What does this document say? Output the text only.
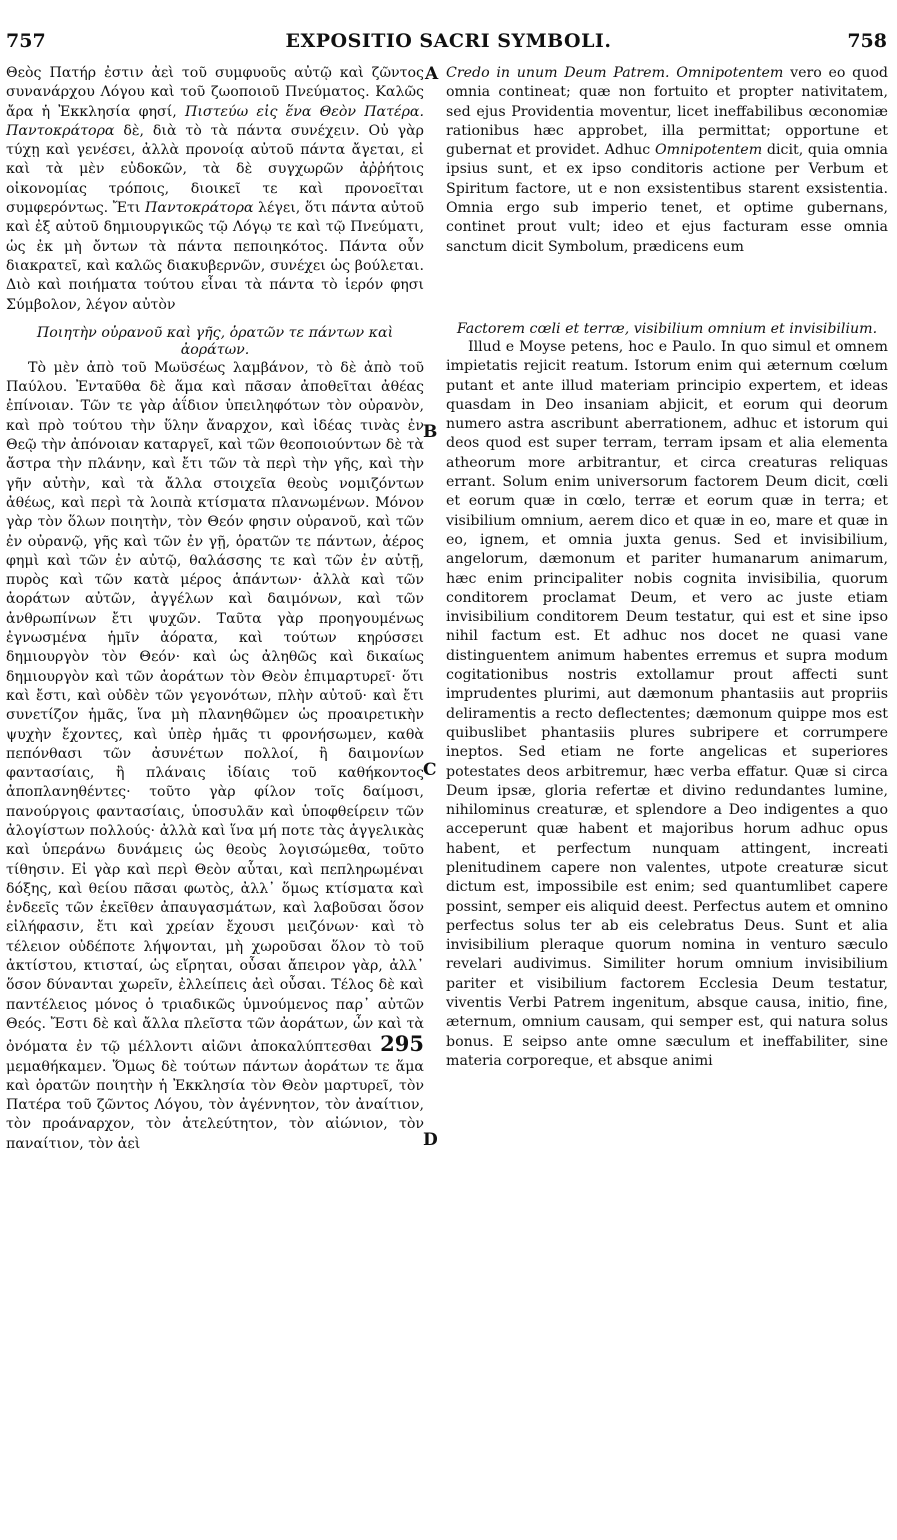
757	EXPOSITIO SACRI SYMBOLI.	758
A
B
C
D

Θεὸς Πατήρ ἐστιν ἀεὶ τοῦ συμφυοῦς αὐτῷ καὶ ζῶντος συνανάρχου Λόγου καὶ τοῦ ζωοποιοῦ Πνεύματος. Καλῶς ἄρα ἡ Ἐκκλησία φησί, Πιστεύω εἰς ἕνα Θεὸν Πατέρα. Παντοκράτορα δὲ, διὰ τὸ τὰ πάντα συνέχειν. Οὐ γὰρ τύχῃ καὶ γενέσει, ἀλλὰ προνοίᾳ αὐτοῦ πάντα ἄγεται, εἰ καὶ τὰ μὲν εὐδοκῶν, τὰ δὲ συγχωρῶν ἀῤῥήτοις οἰκονομίας τρόποις, διοικεῖ τε καὶ προνοεῖται συμφερόντως. Ἔτι Παντοκράτορα λέγει, ὅτι πάντα αὐτοῦ καὶ ἐξ αὐτοῦ δημιουργικῶς τῷ Λόγῳ τε καὶ τῷ Πνεύματι, ὡς ἐκ μὴ ὄντων τὰ πάντα πεποιηκότος. Πάντα οὖν διακρατεῖ, καὶ καλῶς διακυβερνῶν, συνέχει ὡς βούλεται. Διὸ καὶ ποιήματα τούτου εἶναι τὰ πάντα τὸ ἱερόν φησι Σύμβολον, λέγον αὐτὸν

Ποιητὴν οὐρανοῦ καὶ γῆς, ὁρατῶν τε πάντων καὶ ἀοράτων.

Τὸ μὲν ἀπὸ τοῦ Μωϋσέως λαμβάνον, τὸ δὲ ἀπὸ τοῦ Παύλου. Ἐνταῦθα δὲ ἅμα καὶ πᾶσαν ἀποθεῖται ἀθέας ἐπίνοιαν. Τῶν τε γὰρ ἀΐδιον ὑπειληφότων τὸν οὐρανὸν, καὶ πρὸ τούτου τὴν ὕλην ἄναρχον, καὶ ἰδέας τινὰς ἐν Θεῷ τὴν ἀπόνοιαν καταργεῖ, καὶ τῶν θεοποιούντων δὲ τὰ ἄστρα τὴν πλάνην, καὶ ἔτι τῶν τὰ περὶ τὴν γῆς, καὶ τὴν γῆν αὐτὴν, καὶ τὰ ἄλλα στοιχεῖα θεοὺς νομιζόντων ἀθέως, καὶ περὶ τὰ λοιπὰ κτίσματα πλανωμένων. Μόνον γὰρ τὸν ὅλων ποιητὴν, τὸν Θεόν φησιν οὐρανοῦ, καὶ τῶν ἐν οὐρανῷ, γῆς καὶ τῶν ἐν γῇ, ὁρατῶν τε πάντων, ἀέρος φημὶ καὶ τῶν ἐν αὐτῷ, θαλάσσης τε καὶ τῶν ἐν αὐτῇ, πυρὸς καὶ τῶν κατὰ μέρος ἁπάντων· ἀλλὰ καὶ τῶν ἀοράτων αὐτῶν, ἀγγέλων καὶ δαιμόνων, καὶ τῶν ἀνθρωπίνων ἔτι ψυχῶν. Ταῦτα γὰρ προηγουμένως ἐγνωσμένα ἡμῖν ἀόρατα, καὶ τούτων κηρύσσει δημιουργὸν τὸν Θεόν· καὶ ὡς ἀληθῶς καὶ δικαίως δημιουργὸν καὶ τῶν ἀοράτων τὸν Θεὸν ἐπιμαρτυρεῖ· ὅτι καὶ ἔστι, καὶ οὐδὲν τῶν γεγονότων, πλὴν αὐτοῦ· καὶ ἔτι συνετίζον ἡμᾶς, ἵνα μὴ πλανηθῶμεν ὡς προαιρετικὴν ψυχὴν ἔχοντες, καὶ ὑπὲρ ἡμᾶς τι φρονήσωμεν, καθὰ πεπόνθασι τῶν ἀσυνέτων πολλοί, ἢ δαιμονίων φαντασίαις, ἢ πλάναις ἰδίαις τοῦ καθήκοντος ἀποπλανηθέντες· τοῦτο γὰρ φίλον τοῖς δαίμοσι, πανούργοις φαντασίαις, ὑποσυλᾶν καὶ ὑποφθείρειν τῶν ἀλογίστων πολλούς· ἀλλὰ καὶ ἵνα μή ποτε τὰς ἀγγελικὰς καὶ ὑπεράνω δυνάμεις ὡς θεοὺς λογισώμεθα, τοῦτο τίθησιν. Εἰ γὰρ καὶ περὶ Θεὸν αὗται, καὶ πεπληρωμέναι δόξης, καὶ θείου πᾶσαι φωτὸς, ἀλλ᾽ ὅμως κτίσματα καὶ ἐνδεεῖς τῶν ἐκεῖθεν ἀπαυγασμάτων, καὶ λαβοῦσαι ὅσον εἰλήφασιν, ἔτι καὶ χρείαν ἔχουσι μειζόνων· καὶ τὸ τέλειον οὐδέποτε λήψονται, μὴ χωροῦσαι ὅλον τὸ τοῦ ἀκτίστου, κτισταί, ὡς εἴρηται, οὖσαι ἄπειρον γὰρ, ἀλλ᾽ ὅσον δύνανται χωρεῖν, ἐλλείπεις ἀεὶ οὖσαι. Τέλος δὲ καὶ παντέλειος μόνος ὁ τριαδικῶς ὑμνούμενος παρ᾽ αὐτῶν Θεός. Ἔστι δὲ καὶ ἄλλα πλεῖστα τῶν ἀοράτων, ὧν καὶ τὰ ὀνόματα ἐν τῷ μέλλοντι αἰῶνι ἀποκαλύπτεσθαι 295 μεμαθήκαμεν. Ὅμως δὲ τούτων πάντων ἀοράτων τε ἅμα καὶ ὁρατῶν ποιητὴν ἡ Ἐκκλησία τὸν Θεὸν μαρτυρεῖ, τὸν Πατέρα τοῦ ζῶντος Λόγου, τὸν ἀγέννητον, τὸν ἀναίτιον, τὸν προάναρχον, τὸν ἀτελεύτητον, τὸν αἰώνιον, τὸν παναίτιον, τὸν ἀεὶ

Credo in unum Deum Patrem. Omnipotentem vero eo quod omnia contineat; quæ non fortuito et propter nativitatem, sed ejus Providentia moventur, licet ineffabilibus œconomiæ rationibus hæc approbet, illa permittat; opportune et gubernat et providet. Adhuc Omnipotentem dicit, quia omnia ipsius sunt, et ex ipso conditoris actione per Verbum et Spiritum factore, ut e non exsistentibus starent exsistentia. Omnia ergo sub imperio tenet, et optime gubernans, continet prout vult; ideo et ejus facturam esse omnia sanctum dicit Symbolum, prædicens eum

Factorem cœli et terræ, visibilium omnium et invisibilium.

Illud e Moyse petens, hoc e Paulo. In quo simul et omnem impietatis rejicit reatum. Istorum enim qui æternum cœlum putant et ante illud materiam principio expertem, et ideas quasdam in Deo insaniam abjicit, et eorum qui deorum numero astra ascribunt aberrationem, adhuc et istorum qui deos quod est super terram, terram ipsam et alia elementa atheorum more arbitrantur, et circa creaturas reliquas errant. Solum enim universorum factorem Deum dicit, cœli et eorum quæ in cœlo, terræ et eorum quæ in terra; et visibilium omnium, aerem dico et quæ in eo, mare et quæ in eo, ignem, et omnia juxta genus. Sed et invisibilium, angelorum, dæmonum et pariter humanarum animarum, hæc enim principaliter nobis cognita invisibilia, quorum conditorem proclamat Deum, et vero ac juste etiam invisibilium conditorem Deum testatur, qui est et sine ipso nihil factum est. Et adhuc nos docet ne quasi vane distinguentem animum habentes erremus et supra modum cogitationibus nostris extollamur prout affecti sunt imprudentes plurimi, aut dæmonum phantasiis aut propriis deliramentis a recto deflectentes; dæmonum quippe mos est quibuslibet phantasiis plures subripere et corrumpere ineptos. Sed etiam ne forte angelicas et superiores potestates deos arbitremur, hæc verba effatur. Quæ si circa Deum ipsæ, gloria refertæ et divino redundantes lumine, nihilominus creaturæ, et splendore a Deo indigentes a quo acceperunt quæ habent et majoribus horum adhuc opus habent, et perfectum nunquam attingent, increati plenitudinem capere non valentes, utpote creaturæ sicut dictum est, impossibile est enim; sed quantumlibet capere possint, semper eis aliquid deest. Perfectus autem et omnino perfectus solus ter ab eis celebratus Deus. Sunt et alia invisibilium pleraque quorum nomina in venturo sæculo revelari audivimus. Similiter horum omnium invisibilium pariter et visibilium factorem Ecclesia Deum testatur, viventis Verbi Patrem ingenitum, absque causa, initio, fine, æternum, omnium causam, qui semper est, qui natura solus bonus. E seipso ante omne sæculum et ineffabiliter, sine materia corporeque, et absque animi
